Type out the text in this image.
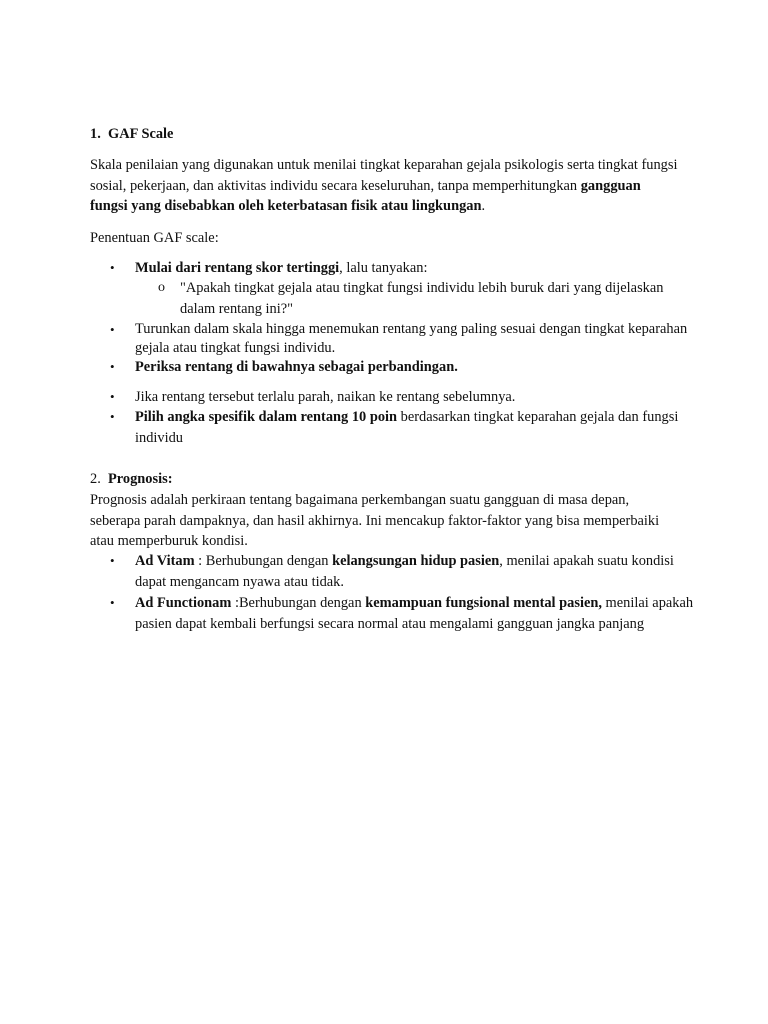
1. GAF Scale
Skala penilaian yang digunakan untuk menilai tingkat keparahan gejala psikologis serta tingkat fungsi sosial, pekerjaan, dan aktivitas individu secara keseluruhan, tanpa memperhitungkan gangguan fungsi yang disebabkan oleh keterbatasan fisik atau lingkungan.
Penentuan GAF scale:
• Mulai dari rentang skor tertinggi, lalu tanyakan:
o "Apakah tingkat gejala atau tingkat fungsi individu lebih buruk dari yang dijelaskan dalam rentang ini?"
• Turunkan dalam skala hingga menemukan rentang yang paling sesuai dengan tingkat keparahan gejala atau tingkat fungsi individu.
• Periksa rentang di bawahnya sebagai perbandingan.
• Jika rentang tersebut terlalu parah, naikan ke rentang sebelumnya.
• Pilih angka spesifik dalam rentang 10 poin berdasarkan tingkat keparahan gejala dan fungsi individu
2. Prognosis:
Prognosis adalah perkiraan tentang bagaimana perkembangan suatu gangguan di masa depan, seberapa parah dampaknya, dan hasil akhirnya. Ini mencakup faktor-faktor yang bisa memperbaiki atau memperburuk kondisi.
• Ad Vitam : Berhubungan dengan kelangsungan hidup pasien, menilai apakah suatu kondisi dapat mengancam nyawa atau tidak.
• Ad Functionam :Berhubungan dengan kemampuan fungsional mental pasien, menilai apakah pasien dapat kembali berfungsi secara normal atau mengalami gangguan jangka panjang
